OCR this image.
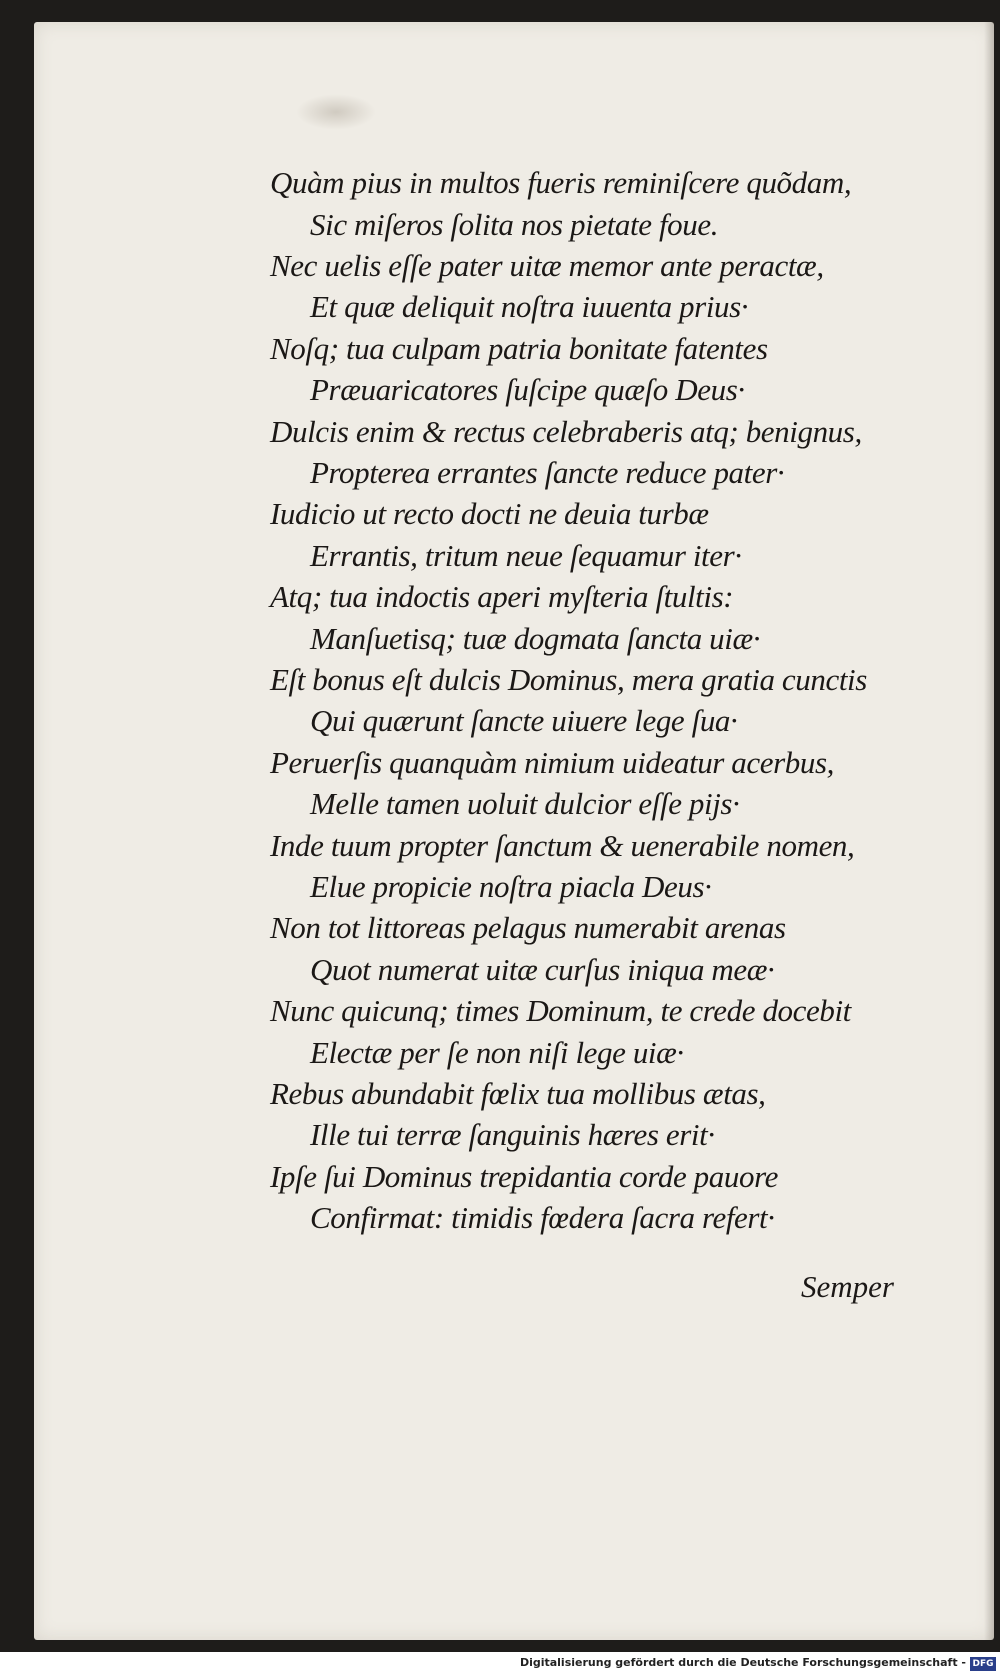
Quàm pius in multos fueris reminiſcere quõdam,

Sic miſeros ſolita nos pietate foue.

Nec uelis eſſe pater uitæ memor ante peractæ,

Et quæ deliquit noſtra iuuenta prius·

Noſq; tua culpam patria bonitate fatentes

Præuaricatores ſuſcipe quæſo Deus·

Dulcis enim & rectus celebraberis atq; benignus,

Propterea errantes ſancte reduce pater·

Iudicio ut recto docti ne deuia turbæ

Errantis, tritum neue ſequamur iter·

Atq; tua indoctis aperi myſteria ſtultis:

Manſuetisq; tuæ dogmata ſancta uiæ·

Eſt bonus eſt dulcis Dominus, mera gratia cunctis

Qui quærunt ſancte uiuere lege ſua·

Peruerſis quanquàm nimium uideatur acerbus,

Melle tamen uoluit dulcior eſſe pijs·

Inde tuum propter ſanctum & uenerabile nomen,

Elue propicie noſtra piacla Deus·

Non tot littoreas pelagus numerabit arenas

Quot numerat uitæ curſus iniqua meæ·

Nunc quicunq; times Dominum, te crede docebit

Electæ per ſe non niſi lege uiæ·

Rebus abundabit fœlix tua mollibus ætas,

Ille tui terræ ſanguinis hæres erit·

Ipſe ſui Dominus trepidantia corde pauore

Confirmat: timidis fœdera ſacra refert·

Semper

Digitalisierung gefördert durch die Deutsche Forschungsgemeinschaft - DFG
